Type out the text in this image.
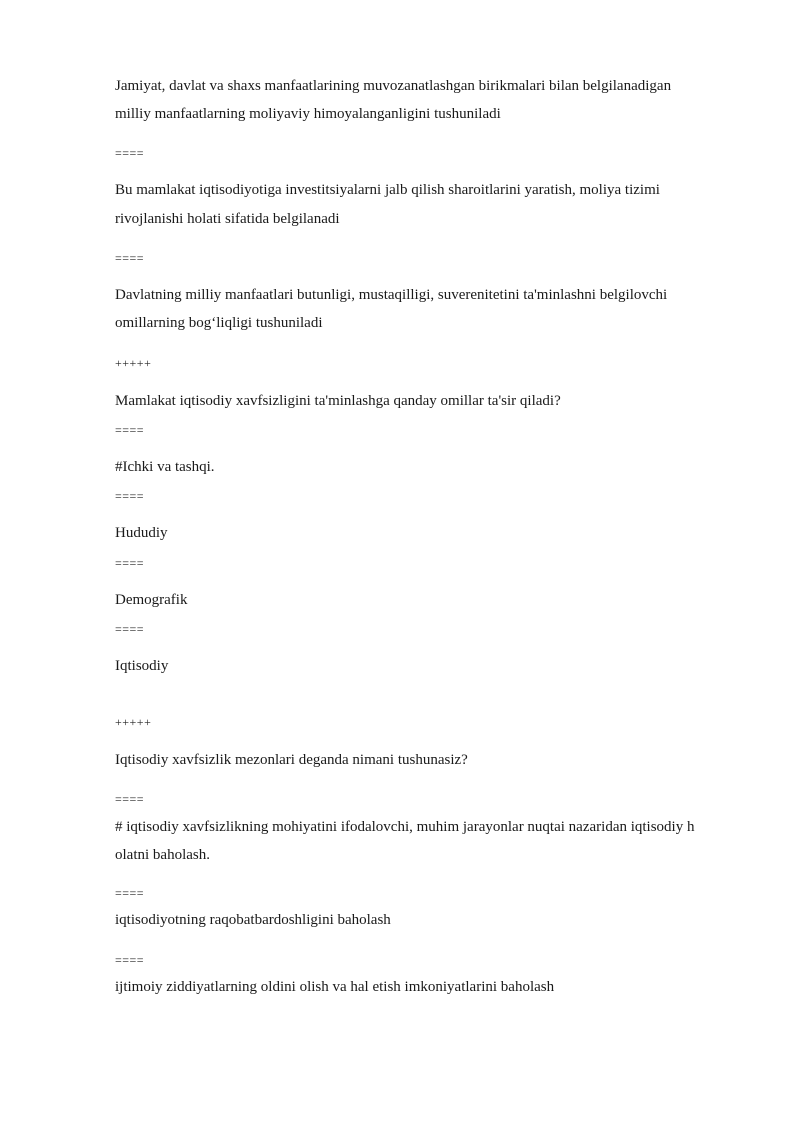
Jamiyat, davlat va shaxs manfaatlarining muvozanatlashgan birikmalari bilan belgilanadigan
milliy manfaatlarning moliyaviy himoyalanganligini tushuniladi
====
Bu mamlakat iqtisodiyotiga investitsiyalarni jalb qilish sharoitlarini yaratish, moliya tizimi
rivojlanishi holati sifatida belgilanadi
====
Davlatning milliy manfaatlari butunligi, mustaqilligi, suverenitetini ta'minlashni belgilovchi
omillarning bog‘liqligi tushuniladi
+++++
Mamlakat iqtisodiy xavfsizligini ta'minlashga qanday omillar ta'sir qiladi?
====
#Ichki va tashqi.
====
Hududiy
====
Demografik
====
Iqtisodiy
+++++
Iqtisodiy xavfsizlik mezonlari deganda nimani tushunasiz?
====
# iqtisodiy xavfsizlikning mohiyatini ifodalovchi, muhim jarayonlar nuqtai nazaridan iqtisodiy h
olatni baholash.
====
iqtisodiyotning raqobatbardoshligini baholash
====
ijtimoiy ziddiyatlarning oldini olish va hal etish imkoniyatlarini baholash
